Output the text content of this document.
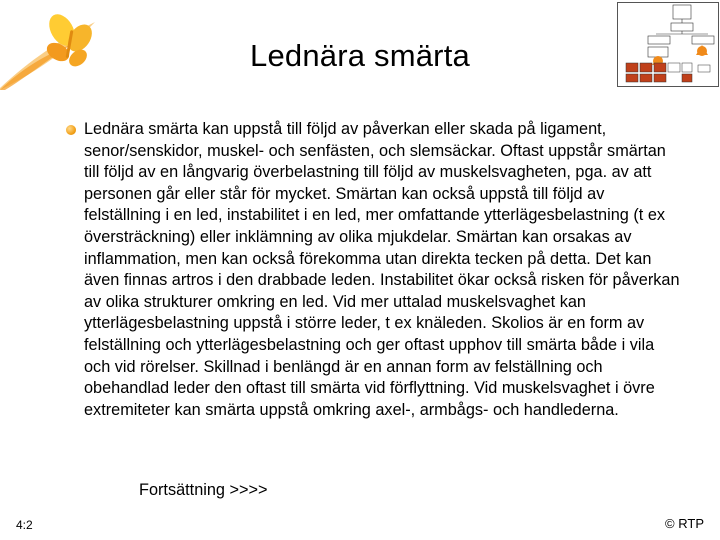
Lednära smärta
Lednära smärta kan uppstå till följd av påverkan eller skada på ligament, senor/senskidor, muskel- och senfästen, och slemsäckar. Oftast uppstår smärtan till följd av en långvarig överbelastning till följd av muskelsvagheten, pga. av att personen går eller står för mycket. Smärtan kan också uppstå till följd av felställning i en led, instabilitet i en led, mer omfattande ytterlägesbelastning (t ex översträckning) eller inklämning av olika mjukdelar. Smärtan kan orsakas av inflammation, men kan också förekomma utan direkta tecken på detta. Det kan även finnas artros i den drabbade leden. Instabilitet ökar också risken för påverkan av olika strukturer omkring en led. Vid mer uttalad muskelsvaghet kan ytterlägesbelastning uppstå i större leder, t ex knäleden. Skolios är en form av felställning och ytterlägesbelastning och ger oftast upphov till smärta både i vila och vid rörelser. Skillnad i benlängd är en annan form av felställning och obehandlad leder den oftast till smärta vid förflyttning. Vid muskelsvaghet i övre extremiteter kan smärta uppstå omkring axel-, armbågs- och handlederna.
Fortsättning >>>>
4:2	© RTP
